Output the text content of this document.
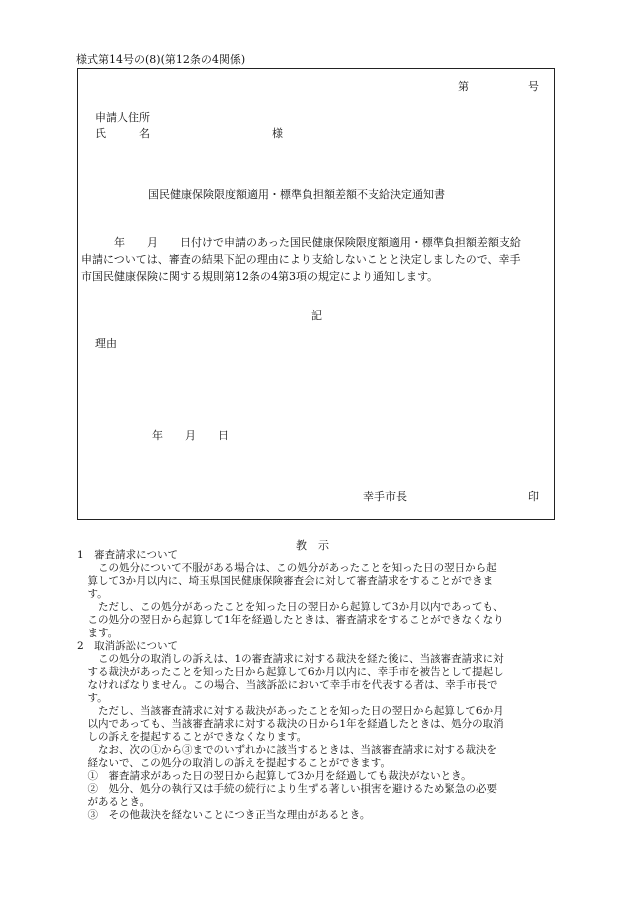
様式第14号の(8)(第12条の4関係)
第	号
申請人住所
氏　　　名	様
国民健康保険限度額適用・標準負担額差額不支給決定通知書
　　　年　　月　　日付けで申請のあった国民健康保険限度額適用・標準負担額差額支給
申請については、審査の結果下記の理由により支給しないことと決定しましたので、幸手
市国民健康保険に関する規則第12条の4第3項の規定により通知します。
記
理由
年　　月　　日
幸手市長	印
教　示
1　審査請求について
　　この処分について不服がある場合は、この処分があったことを知った日の翌日から起
　算して3か月以内に、埼玉県国民健康保険審査会に対して審査請求をすることができま
　す。
　　ただし、この処分があったことを知った日の翌日から起算して3か月以内であっても、
　この処分の翌日から起算して1年を経過したときは、審査請求をすることができなくなり
　ます。
2　取消訴訟について
　　この処分の取消しの訴えは、1の審査請求に対する裁決を経た後に、当該審査請求に対
　する裁決があったことを知った日から起算して6か月以内に、幸手市を被告として提起し
　なければなりません。この場合、当該訴訟において幸手市を代表する者は、幸手市長で
　す。
　　ただし、当該審査請求に対する裁決があったことを知った日の翌日から起算して6か月
　以内であっても、当該審査請求に対する裁決の日から1年を経過したときは、処分の取消
　しの訴えを提起することができなくなります。
　　なお、次の①から③までのいずれかに該当するときは、当該審査請求に対する裁決を
　経ないで、この処分の取消しの訴えを提起することができます。
　①　審査請求があった日の翌日から起算して3か月を経過しても裁決がないとき。
　②　処分、処分の執行又は手続の続行により生ずる著しい損害を避けるため緊急の必要
　があるとき。
　③　その他裁決を経ないことにつき正当な理由があるとき。
